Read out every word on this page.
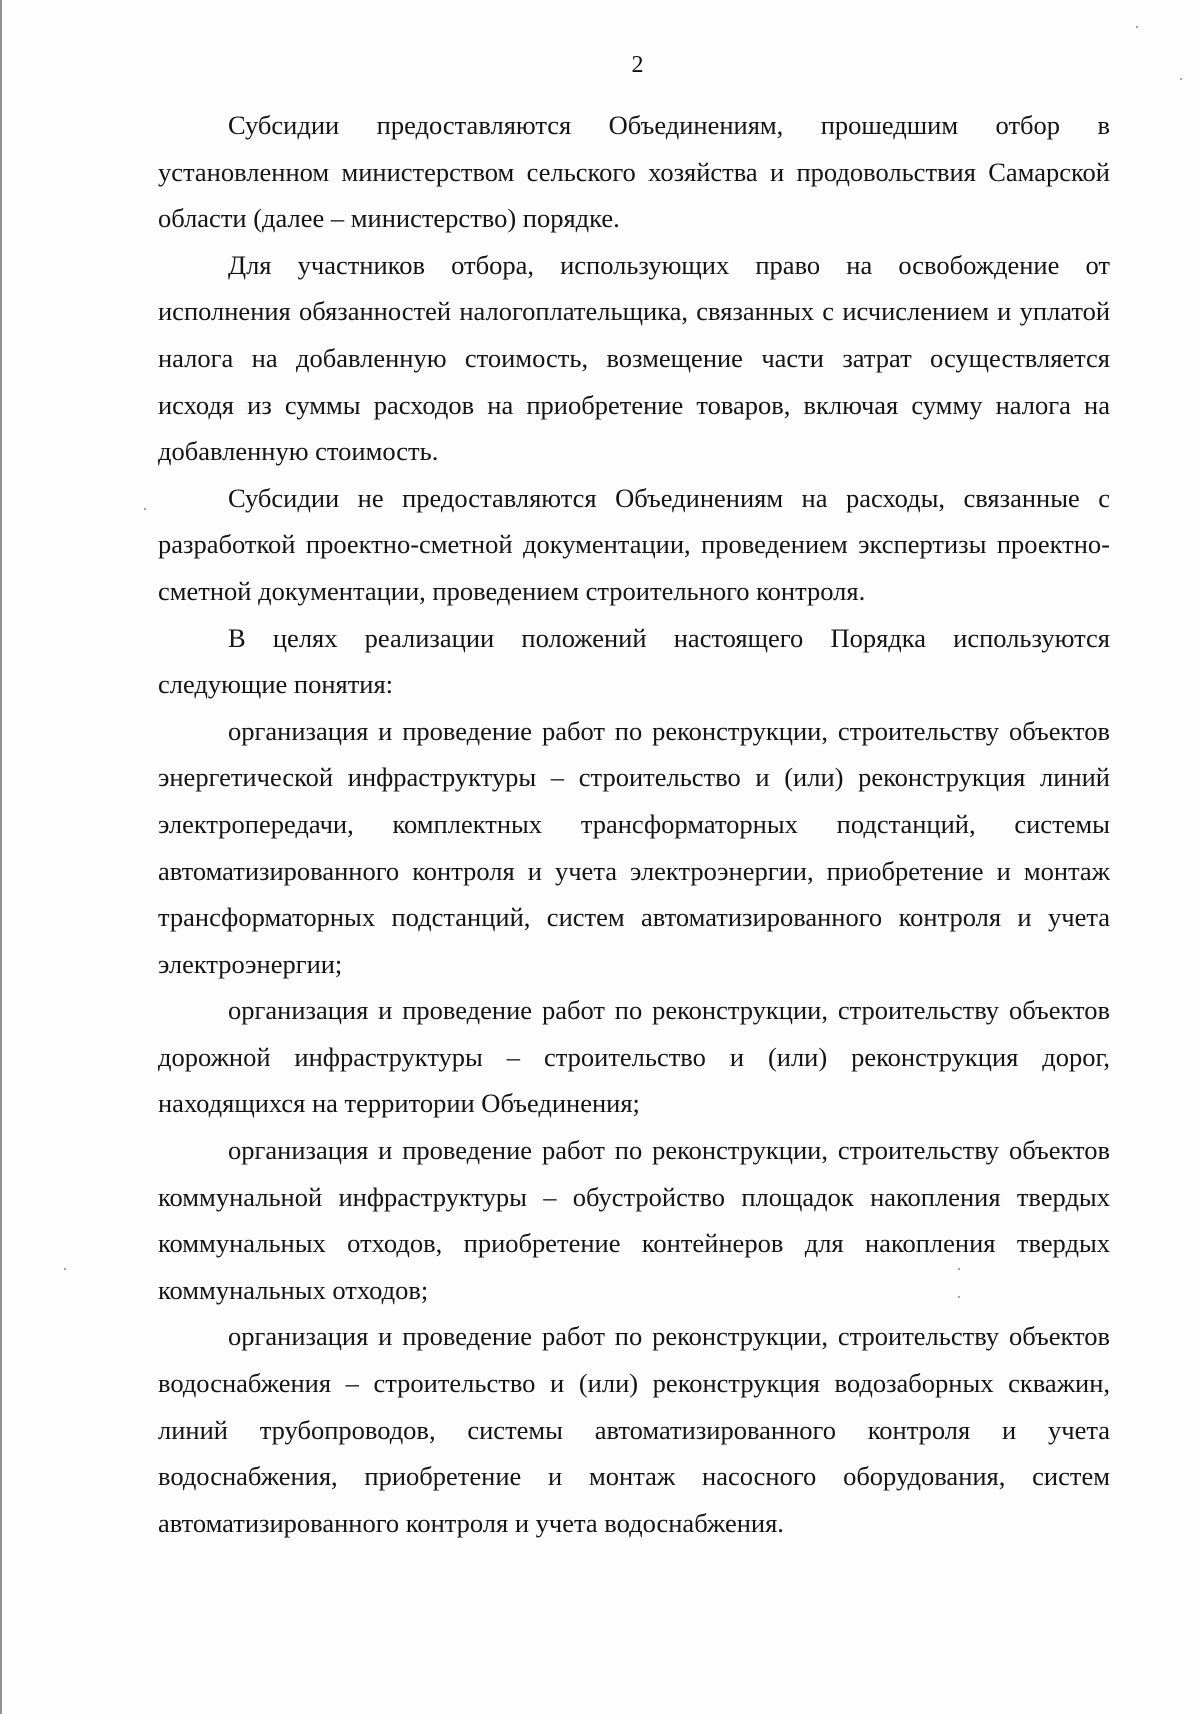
2

Субсидии предоставляются Объединениям, прошедшим отбор в установленном министерством сельского хозяйства и продовольствия Самарской области (далее – министерство) порядке.

Для участников отбора, использующих право на освобождение от исполнения обязанностей налогоплательщика, связанных с исчислением и уплатой налога на добавленную стоимость, возмещение части затрат осуществляется исходя из суммы расходов на приобретение товаров, включая сумму налога на добавленную стоимость.

Субсидии не предоставляются Объединениям на расходы, связанные с разработкой проектно-сметной документации, проведением экспертизы проектно-сметной документации, проведением строительного контроля.

В целях реализации положений настоящего Порядка используются следующие понятия:

организация и проведение работ по реконструкции, строительству объектов энергетической инфраструктуры – строительство и (или) реконструкция линий электропередачи, комплектных трансформаторных подстанций, системы автоматизированного контроля и учета электроэнергии, приобретение и монтаж трансформаторных подстанций, систем автоматизированного контроля и учета электроэнергии;

организация и проведение работ по реконструкции, строительству объектов дорожной инфраструктуры – строительство и (или) реконструкция дорог, находящихся на территории Объединения;

организация и проведение работ по реконструкции, строительству объектов коммунальной инфраструктуры – обустройство площадок накопления твердых коммунальных отходов, приобретение контейнеров для накопления твердых коммунальных отходов;

организация и проведение работ по реконструкции, строительству объектов водоснабжения – строительство и (или) реконструкция водозаборных скважин, линий трубопроводов, системы автоматизированного контроля и учета водоснабжения, приобретение и монтаж насосного оборудования, систем автоматизированного контроля и учета водоснабжения.
